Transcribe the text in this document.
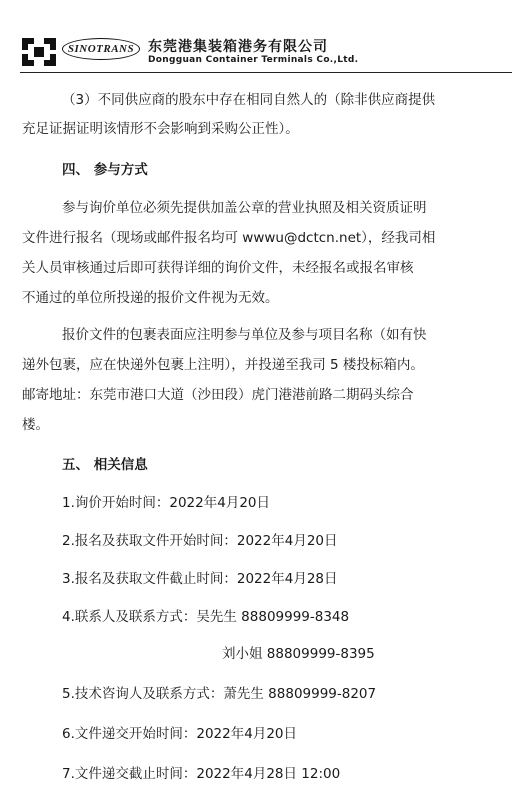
SINOTRANS 东莞港集装箱港务有限公司
Dongguan Container Terminals Co.,Ltd.
（3）不同供应商的股东中存在相同自然人的（除非供应商提供
充足证据证明该情形不会影响到采购公正性）。
四、 参与方式
参与询价单位必须先提供加盖公章的营业执照及相关资质证明
文件进行报名（现场或邮件报名均可 wwwu@dctcn.net），经我司相
关人员审核通过后即可获得详细的询价文件，未经报名或报名审核
不通过的单位所投递的报价文件视为无效。
报价文件的包裹表面应注明参与单位及参与项目名称（如有快
递外包裹，应在快递外包裹上注明），并投递至我司 5 楼投标箱内。
邮寄地址：东莞市港口大道（沙田段）虎门港港前路二期码头综合
楼。
五、 相关信息
1.询价开始时间：2022年4月20日
2.报名及获取文件开始时间：2022年4月20日
3.报名及获取文件截止时间：2022年4月28日
4.联系人及联系方式：吴先生 88809999-8348
刘小姐 88809999-8395
5.技术咨询人及联系方式：萧先生 88809999-8207
6.文件递交开始时间：2022年4月20日
7.文件递交截止时间：2022年4月28日 12:00
